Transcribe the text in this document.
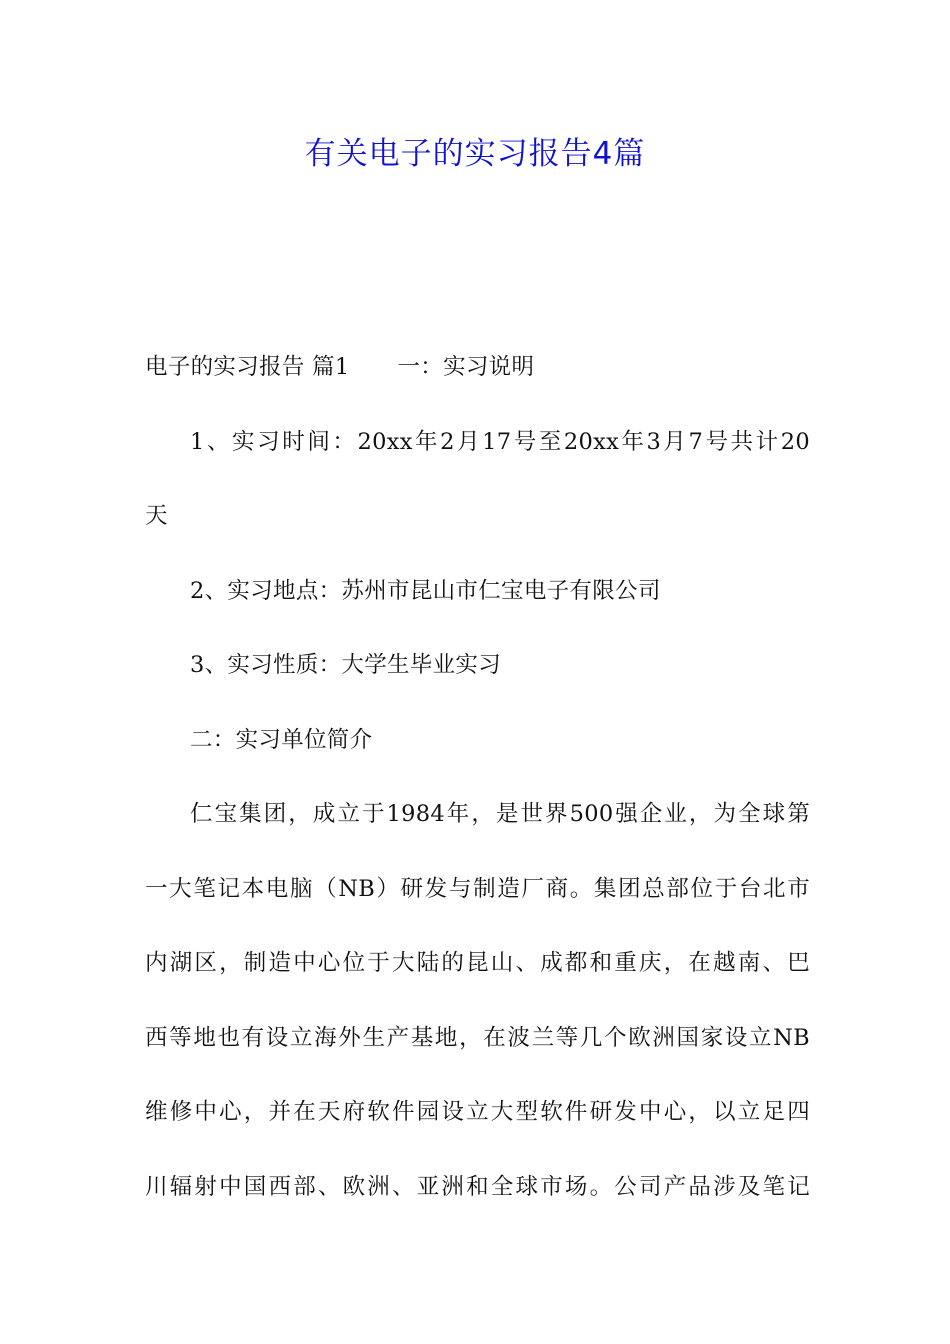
有关电子的实习报告4篇
电子的实习报告 篇1 一：实习说明
1、实习时间：20xx年2月17号至20xx年3月7号共计20
天
2、实习地点：苏州市昆山市仁宝电子有限公司
3、实习性质：大学生毕业实习
二：实习单位简介
仁宝集团，成立于1984年，是世界500强企业，为全球第
一大笔记本电脑（NB）研发与制造厂商。集团总部位于台北市
内湖区，制造中心位于大陆的昆山、成都和重庆，在越南、巴
西等地也有设立海外生产基地，在波兰等几个欧洲国家设立NB
维修中心，并在天府软件园设立大型软件研发中心，以立足四
川辐射中国西部、欧洲、亚洲和全球市场。公司产品涉及笔记
